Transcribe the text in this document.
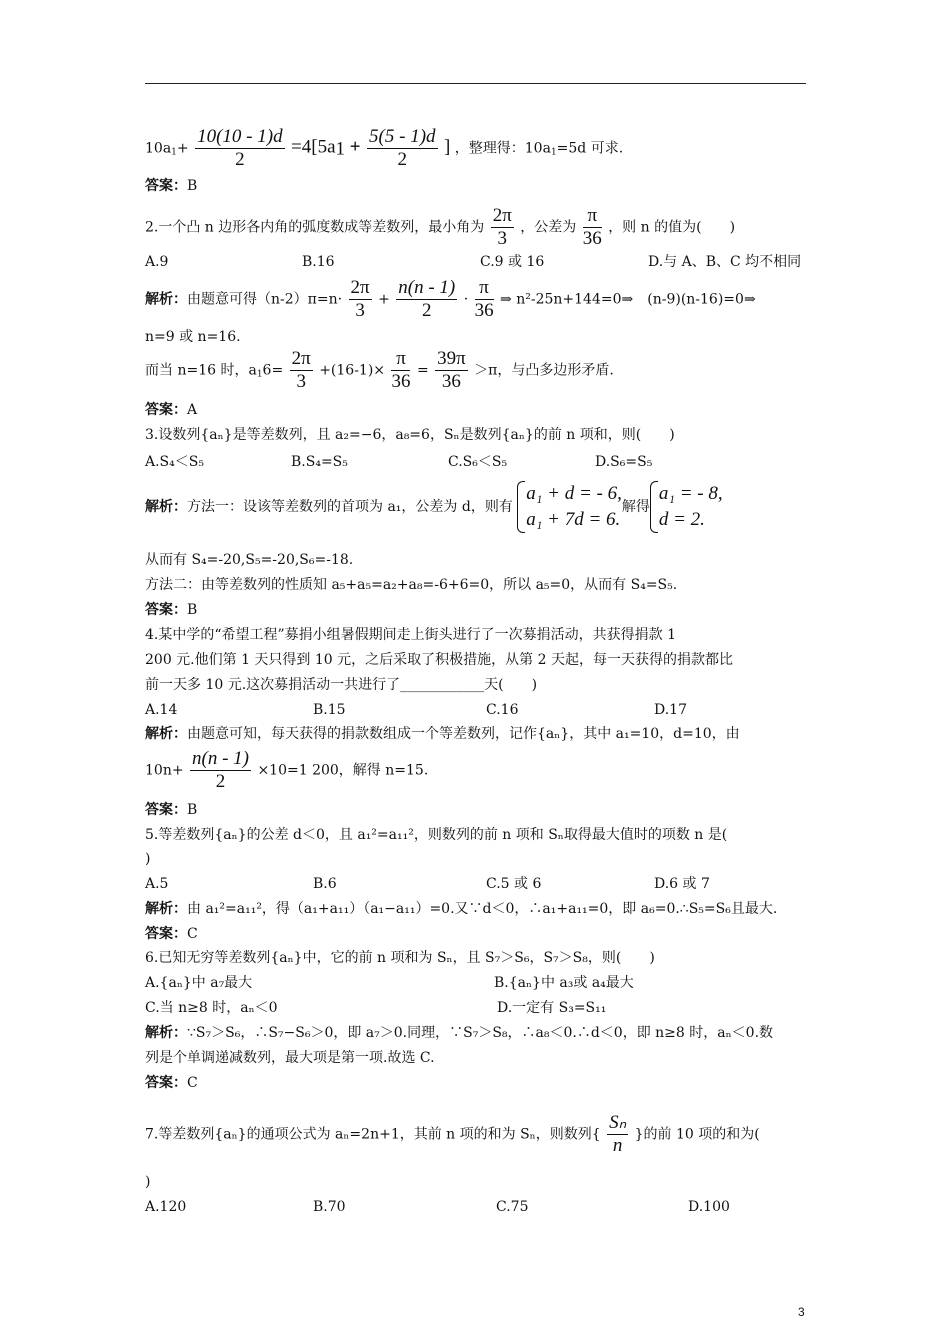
$10a_1+ \frac{10(10 - 1)d}{2} =4[5a_1 + \frac{5(5 - 1)d}{2}$ ] ，整理得：$10a_1=5d$ 可求.
答案：B
2.一个凸 n 边形各内角的弧度数成等差数列，最小角为 $\frac{2\pi}{3}$ ，公差为 $\frac{\pi}{36}$ ，则 n 的值为(　　)
A.9	B.16	C.9 或 16	D.与 A、B、C 均不相同
解析：由题意可得$(n-2)\pi=n\cdot \frac{2\pi}{3} + \frac{n(n - 1)}{2} \cdot \frac{\pi}{36}$ ⇒ n²-25n+144=0⇒　(n-9)(n-16)=0⇒
n=9 或 n=16.
而当 n=16 时，$a_16= \frac{2\pi}{3} +(16-1)\times \frac{\pi}{36} = \frac{39\pi}{36} >\pi$，与凸多边形矛盾.
答案：A
3.设数列{aₙ}是等差数列，且 a₂=−6，a₈=6，Sₙ是数列{aₙ}的前 n 项和，则(　　)
A.S₄＜S₅	B.S₄=S₅	C.S₆＜S₅	D.S₆=S₅
解析：方法一：设该等差数列的首项为 a₁，公差为 d，则有
a₁ + d = - 6,
a₁ + 7d = 6.
解得
a₁ = - 8,
d = 2.
从而有 S₄=-20,S₅=-20,S₆=-18.
方法二：由等差数列的性质知 a₅+a₅=a₂+a₈=-6+6=0，所以 a₅=0，从而有 S₄=S₅.
答案：B
4.某中学的“希望工程”募捐小组暑假期间走上街头进行了一次募捐活动，共获得捐款 1
200 元.他们第 1 天只得到 10 元，之后采取了积极措施，从第 2 天起，每一天获得的捐款都比
前一天多 10 元.这次募捐活动一共进行了____________天(　　)
A.14	B.15	C.16	D.17
解析：由题意可知，每天获得的捐款数组成一个等差数列，记作{aₙ}，其中 a₁=10，d=10，由
$10n+ \frac{n(n - 1)}{2} \times 10=1$ 200，解得 n=15.
答案：B
5.等差数列{aₙ}的公差 d＜0，且 a₁²=a₁₁²，则数列的前 n 项和 Sₙ取得最大值时的项数 n 是(
)
A.5	B.6	C.5 或 6	D.6 或 7
解析：由 a₁²=a₁₁²，得（a₁+a₁₁）（a₁−a₁₁）=0.又∵d＜0，∴a₁+a₁₁=0，即 a₆=0.∴S₅=S₆且最大.
答案：C
6.已知无穷等差数列{aₙ}中，它的前 n 项和为 Sₙ，且 S₇＞S₆，S₇＞S₈，则(　　)
A.{aₙ}中 a₇最大	B.{aₙ}中 a₃或 a₄最大
C.当 n≥8 时，aₙ＜0	D.一定有 S₃=S₁₁
解析：∵S₇＞S₆，∴S₇−S₆＞0，即 a₇＞0.同理，∵S₇＞S₈，∴a₈＜0.∴d＜0，即 n≥8 时，aₙ＜0.数
列是个单调递减数列，最大项是第一项.故选 C.
答案：C
7.等差数列{aₙ}的通项公式为 aₙ=2n+1，其前 n 项的和为 Sₙ，则数列{ $\frac{\text{Sₙ}}{n}$ }的前 10 项的和为(
)
A.120	B.70	C.75	D.100
3
